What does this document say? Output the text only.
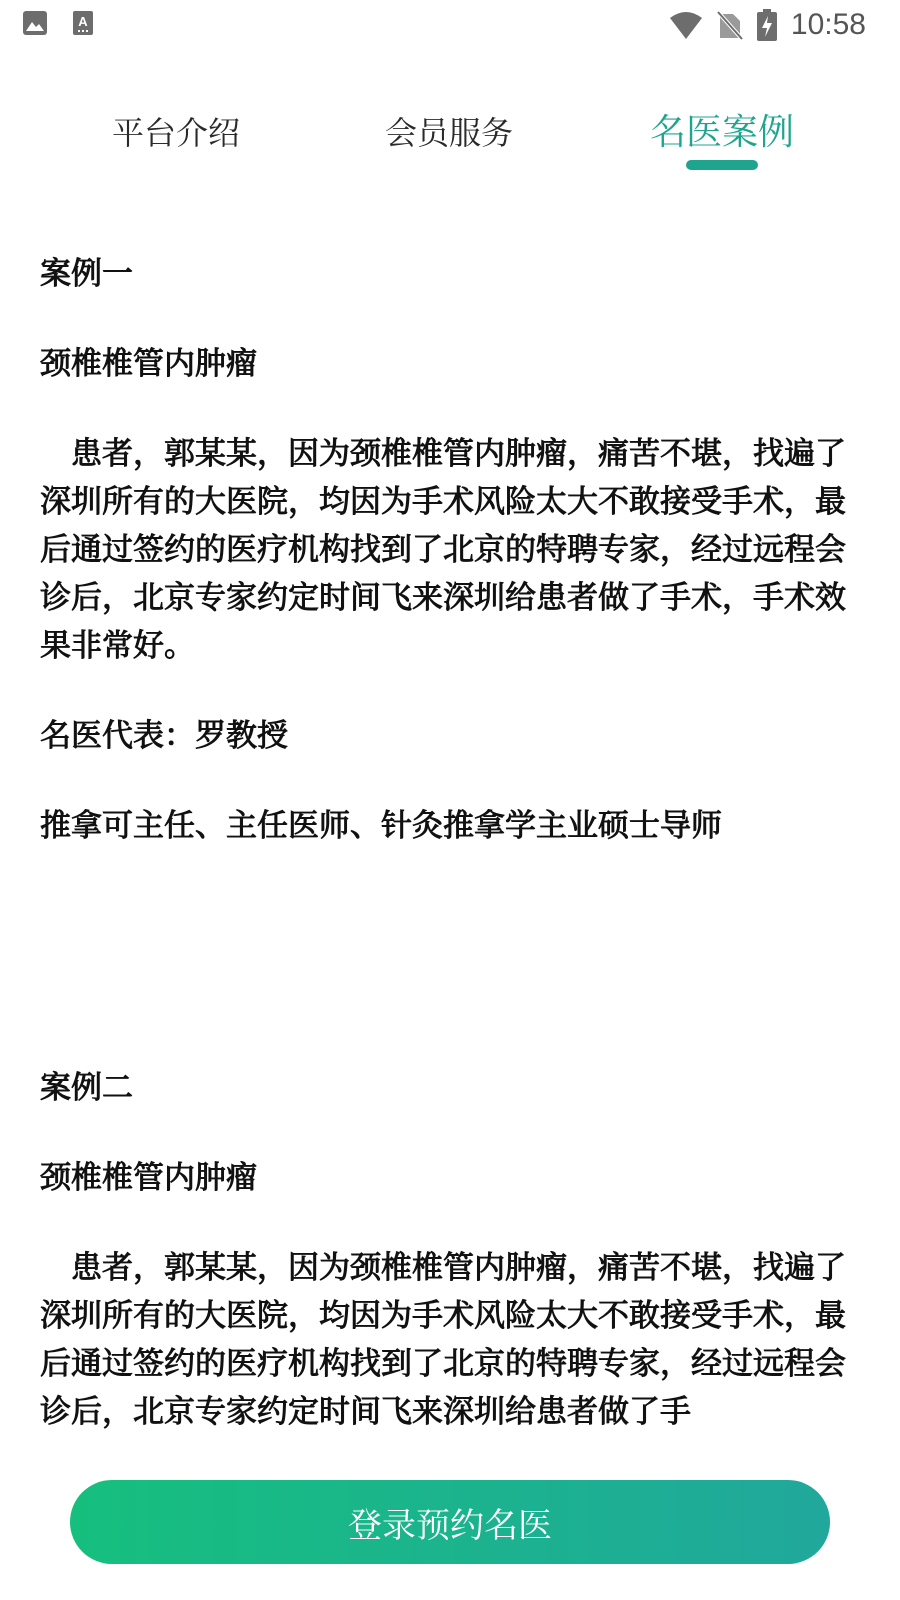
A	10:58
平台介绍	会员服务	名医案例
案例一
颈椎椎管内肿瘤
患者，郭某某，因为颈椎椎管内肿瘤，痛苦不堪，找遍了深圳所有的大医院，均因为手术风险太大不敢接受手术，最后通过签约的医疗机构找到了北京的特聘专家，经过远程会诊后，北京专家约定时间飞来深圳给患者做了手术，手术效果非常好。
名医代表：罗教授
推拿可主任、主任医师、针灸推拿学主业硕士导师
案例二
颈椎椎管内肿瘤
患者，郭某某，因为颈椎椎管内肿瘤，痛苦不堪，找遍了深圳所有的大医院，均因为手术风险太大不敢接受手术，最后通过签约的医疗机构找到了北京的特聘专家，经过远程会诊后，北京专家约定时间飞来深圳给患者做了手
登录预约名医
